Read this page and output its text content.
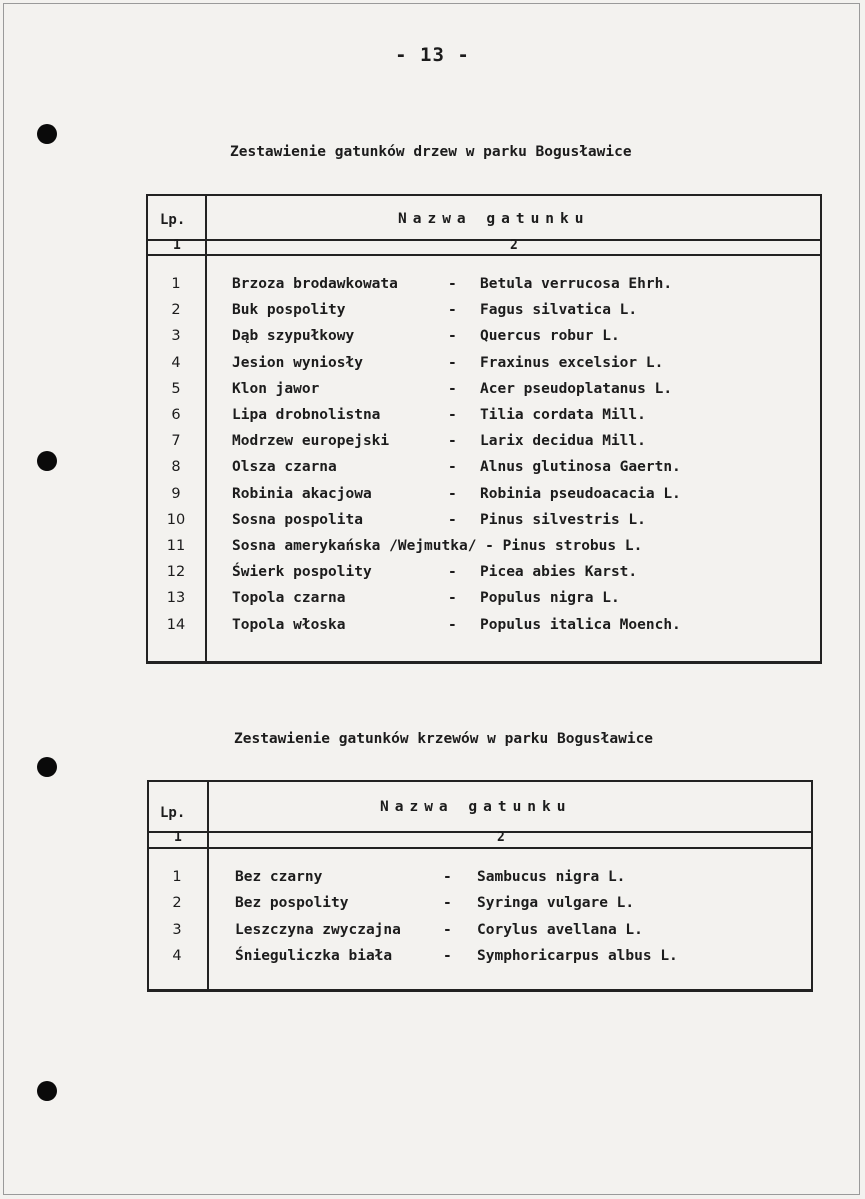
- 13 -
Zestawienie gatunków drzew w parku Bogusławice
Lp.	Nazwa gatunku
1	2
1	Brzoza brodawkowata	- Betula verrucosa Ehrh.
2	Buk pospolity	- Fagus silvatica L.
3	Dąb szypułkowy	- Quercus robur L.
4	Jesion wyniosły	- Fraxinus excelsior L.
5	Klon jawor	- Acer pseudoplatanus L.
6	Lipa drobnolistna	- Tilia cordata Mill.
7	Modrzew europejski	- Larix decidua Mill.
8	Olsza czarna	- Alnus glutinosa Gaertn.
9	Robinia akacjowa	- Robinia pseudoacacia L.
10	Sosna pospolita	- Pinus silvestris L.
11	Sosna amerykańska /Wejmutka/ - Pinus strobus L.
12	Świerk pospolity	- Picea abies Karst.
13	Topola czarna	- Populus nigra L.
14	Topola włoska	- Populus italica Moench.
Zestawienie gatunków krzewów w parku Bogusławice
Lp.	Nazwa gatunku
1	2
1	Bez czarny	- Sambucus nigra L.
2	Bez pospolity	- Syringa vulgare L.
3	Leszczyna zwyczajna	- Corylus avellana L.
4	Śnieguliczka biała	- Symphoricarpus albus L.
